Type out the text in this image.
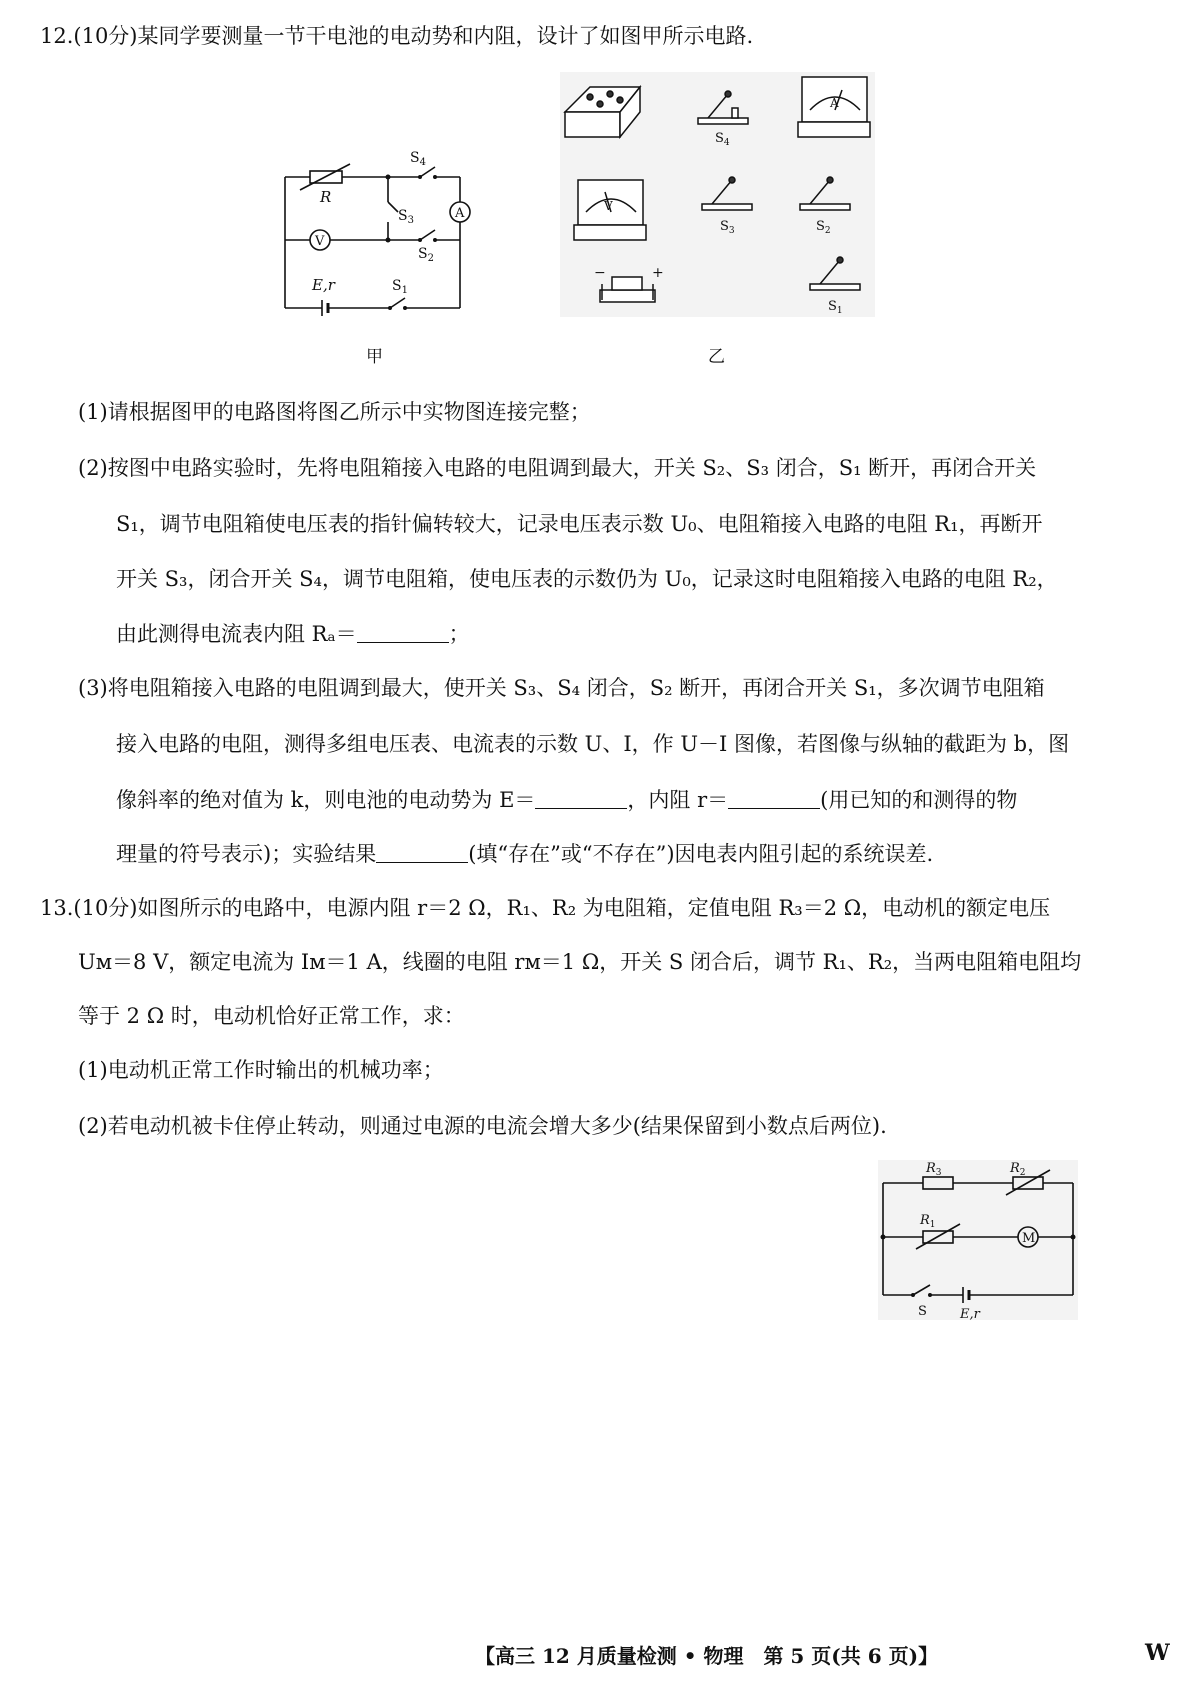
12.(10分)某同学要测量一节干电池的电动势和内阻，设计了如图甲所示电路.
R
$S_4$
$S_3$
$S_2$
$S_1$
E,r
A
V
甲
$S_4$
A
V
$S_3$	$S_2$
$S_1$
−	+
乙
(1)请根据图甲的电路图将图乙所示中实物图连接完整；
(2)按图中电路实验时，先将电阻箱接入电路的电阻调到最大，开关 S₂、S₃ 闭合，S₁ 断开，再闭合开关
S₁，调节电阻箱使电压表的指针偏转较大，记录电压表示数 U₀、电阻箱接入电路的电阻 R₁，再断开
开关 S₃，闭合开关 S₄，调节电阻箱，使电压表的示数仍为 U₀，记录这时电阻箱接入电路的电阻 R₂，
由此测得电流表内阻 Rₐ＝	；
(3)将电阻箱接入电路的电阻调到最大，使开关 S₃、S₄ 闭合，S₂ 断开，再闭合开关 S₁，多次调节电阻箱
接入电路的电阻，测得多组电压表、电流表的示数 U、I，作 U－I 图像，若图像与纵轴的截距为 b，图
像斜率的绝对值为 k，则电池的电动势为 E＝	，内阻 r＝	(用已知的和测得的物
理量的符号表示)；实验结果	(填“存在”或“不存在”)因电表内阻引起的系统误差.
13.(10分)如图所示的电路中，电源内阻 r＝2 Ω，R₁、R₂ 为电阻箱，定值电阻 R₃＝2 Ω，电动机的额定电压
Uᴍ＝8 V，额定电流为 Iᴍ＝1 A，线圈的电阻 rᴍ＝1 Ω，开关 S 闭合后，调节 R₁、R₂，当两电阻箱电阻均
等于 2 Ω 时，电动机恰好正常工作，求：
(1)电动机正常工作时输出的机械功率；
(2)若电动机被卡住停止转动，则通过电源的电流会增大多少(结果保留到小数点后两位).
$R_3$	$R_2$
$R_1$
M
S	E,r
【高三 12 月质量检测 • 物理　第 5 页(共 6 页)】	W
